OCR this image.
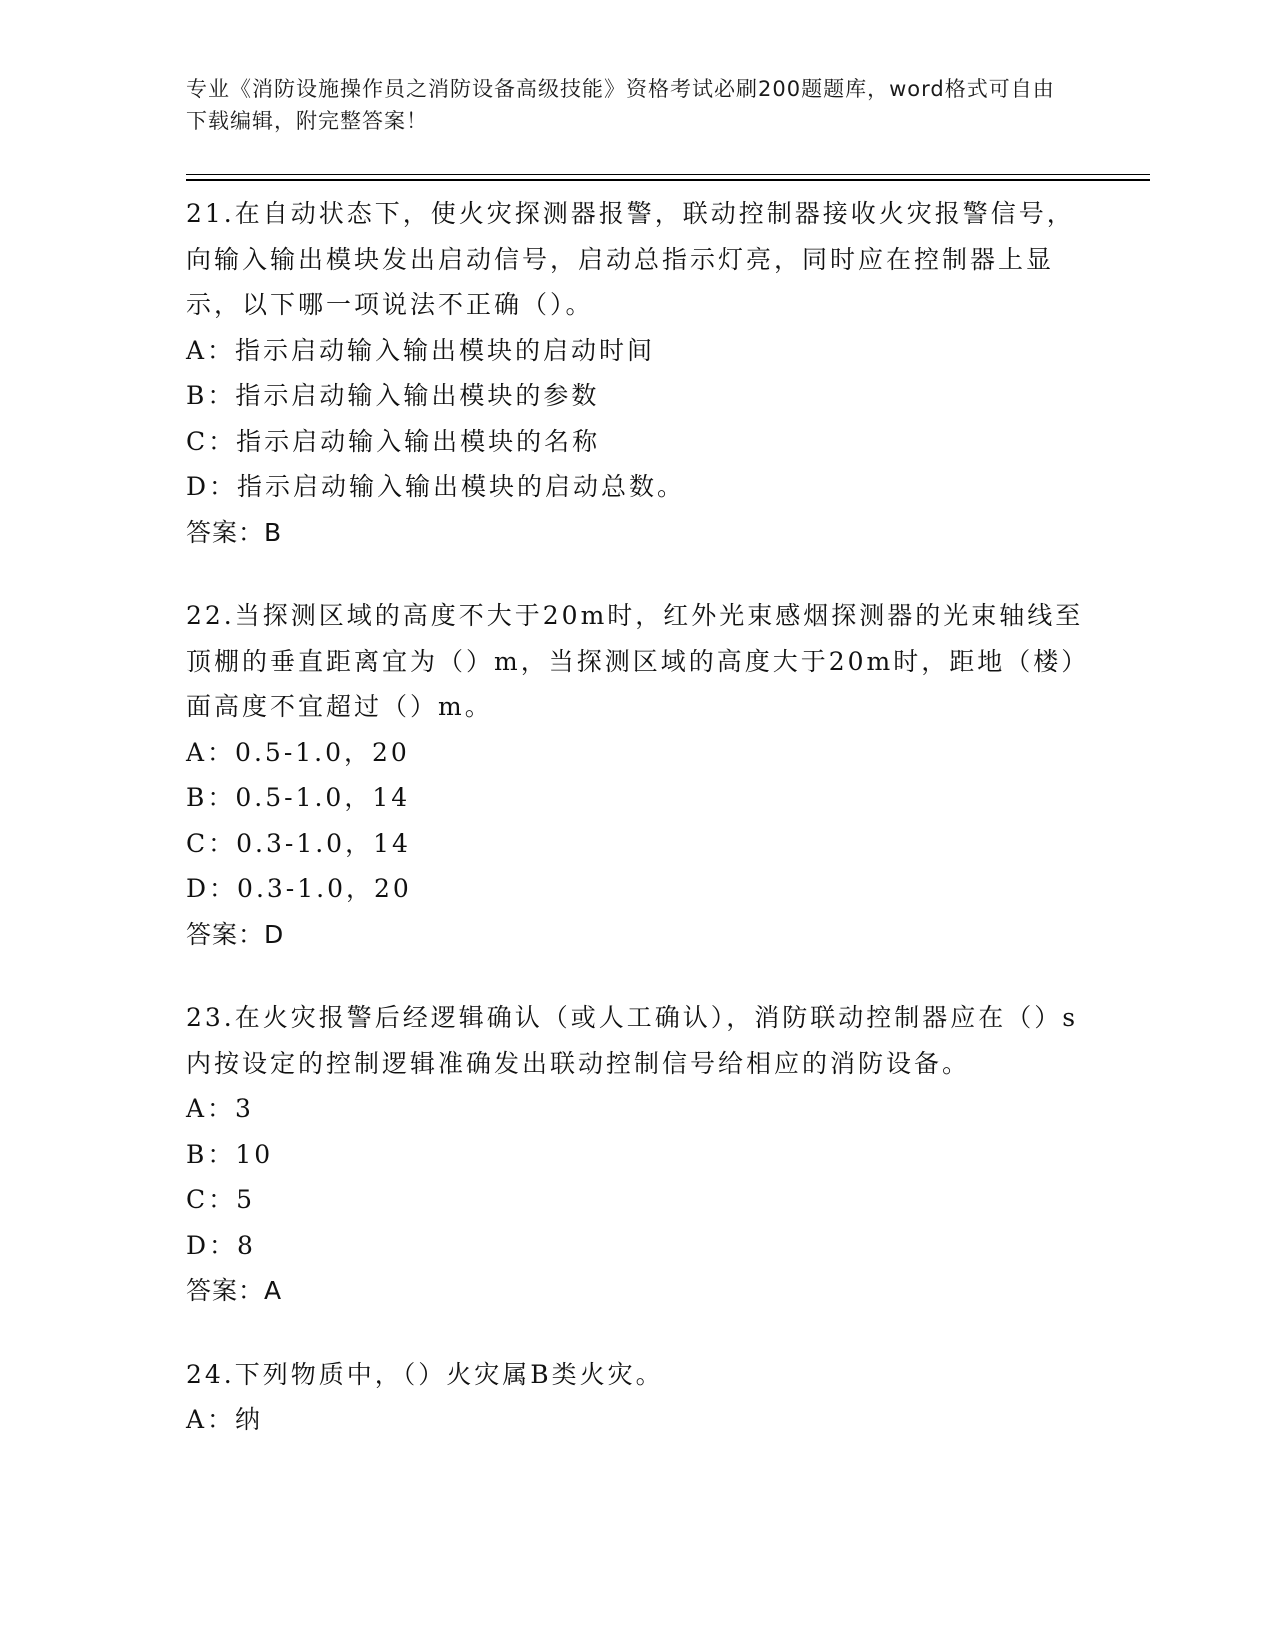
专业《消防设施操作员之消防设备高级技能》资格考试必刷200题题库，word格式可自由下载编辑，附完整答案！

21.在自动状态下，使火灾探测器报警，联动控制器接收火灾报警信号，向输入输出模块发出启动信号，启动总指示灯亮，同时应在控制器上显示，以下哪一项说法不正确（）。

A：指示启动输入输出模块的启动时间

B：指示启动输入输出模块的参数

C：指示启动输入输出模块的名称

D：指示启动输入输出模块的启动总数。

答案：B

22.当探测区域的高度不大于20m时，红外光束感烟探测器的光束轴线至顶棚的垂直距离宜为（）m，当探测区域的高度大于20m时，距地（楼）面高度不宜超过（）m。

A：0.5-1.0，20

B：0.5-1.0，14

C：0.3-1.0，14

D：0.3-1.0，20

答案：D

23.在火灾报警后经逻辑确认（或人工确认），消防联动控制器应在（）s内按设定的控制逻辑准确发出联动控制信号给相应的消防设备。

A：3

B：10

C：5

D：8

答案：A

24.下列物质中，（）火灾属B类火灾。

A：纳
